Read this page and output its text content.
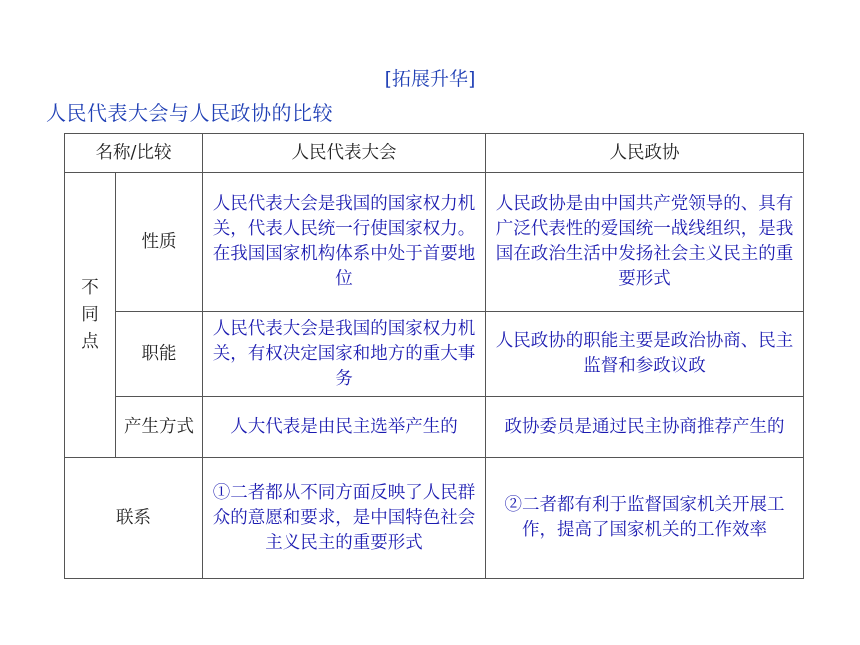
[拓展升华]
人民代表大会与人民政协的比较
名称/比较		人民代表大会	人民政协
不同点	性质	人民代表大会是我国的国家权力机关，代表人民统一行使国家权力。在我国国家机构体系中处于首要地位	人民政协是由中国共产党领导的、具有广泛代表性的爱国统一战线组织，是我国在政治生活中发扬社会主义民主的重要形式
	职能	人民代表大会是我国的国家权力机关，有权决定国家和地方的重大事务	人民政协的职能主要是政治协商、民主监督和参政议政
	产生方式	人大代表是由民主选举产生的	政协委员是通过民主协商推荐产生的
联系		①二者都从不同方面反映了人民群众的意愿和要求，是中国特色社会主义民主的重要形式	②二者都有利于监督国家机关开展工作，提高了国家机关的工作效率
